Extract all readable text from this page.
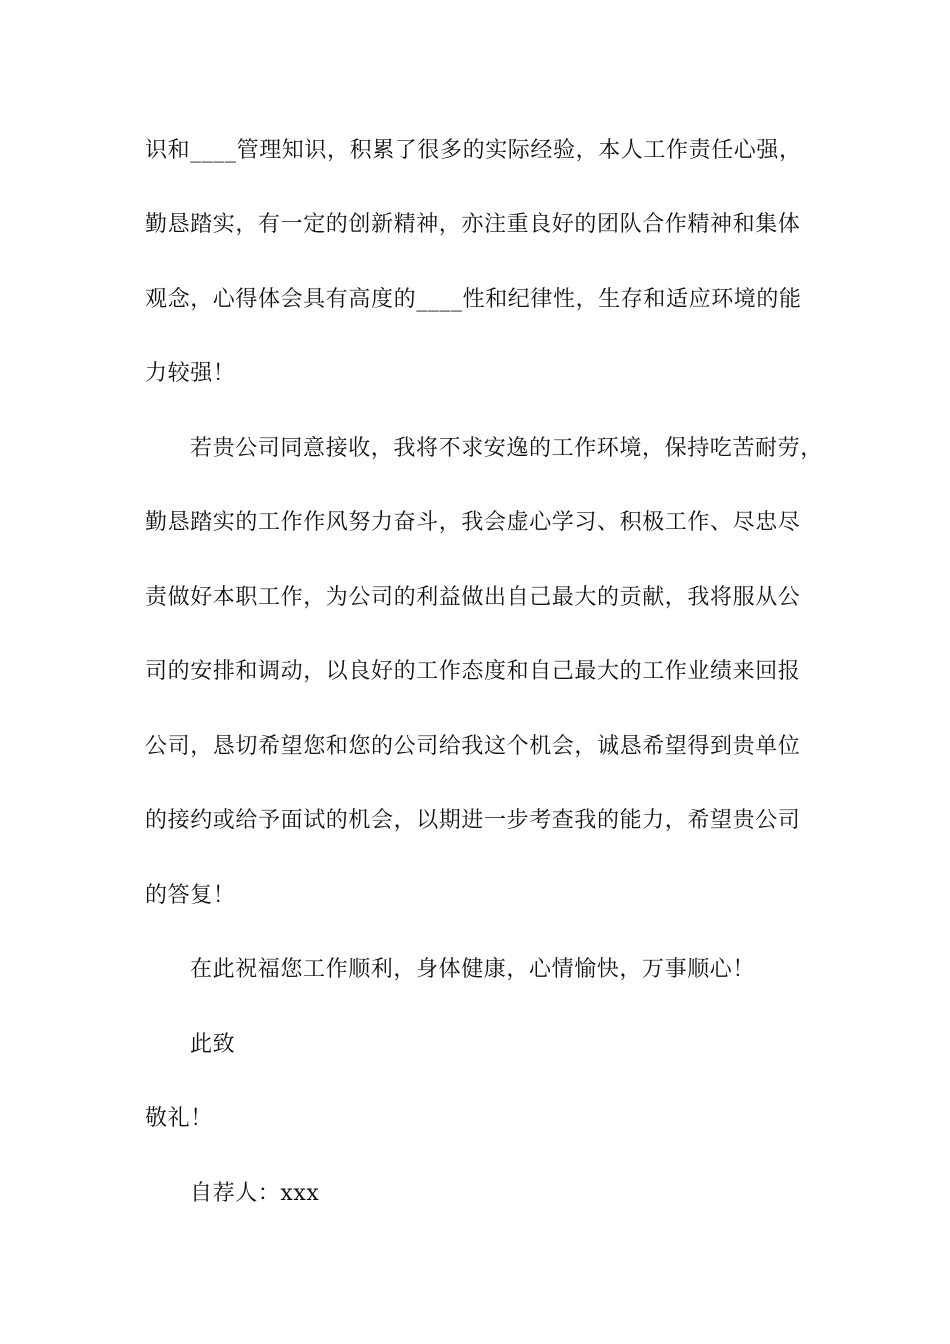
识和____管理知识，积累了很多的实际经验，本人工作责任心强，
勤恳踏实，有一定的创新精神，亦注重良好的团队合作精神和集体
观念，心得体会具有高度的____性和纪律性，生存和适应环境的能
力较强！
若贵公司同意接收，我将不求安逸的工作环境，保持吃苦耐劳，
勤恳踏实的工作作风努力奋斗，我会虚心学习、积极工作、尽忠尽
责做好本职工作，为公司的利益做出自己最大的贡献，我将服从公
司的安排和调动，以良好的工作态度和自己最大的工作业绩来回报
公司，恳切希望您和您的公司给我这个机会，诚恳希望得到贵单位
的接约或给予面试的机会，以期进一步考查我的能力，希望贵公司
的答复！
在此祝福您工作顺利，身体健康，心情愉快，万事顺心！
此致
敬礼！
自荐人：xxx
